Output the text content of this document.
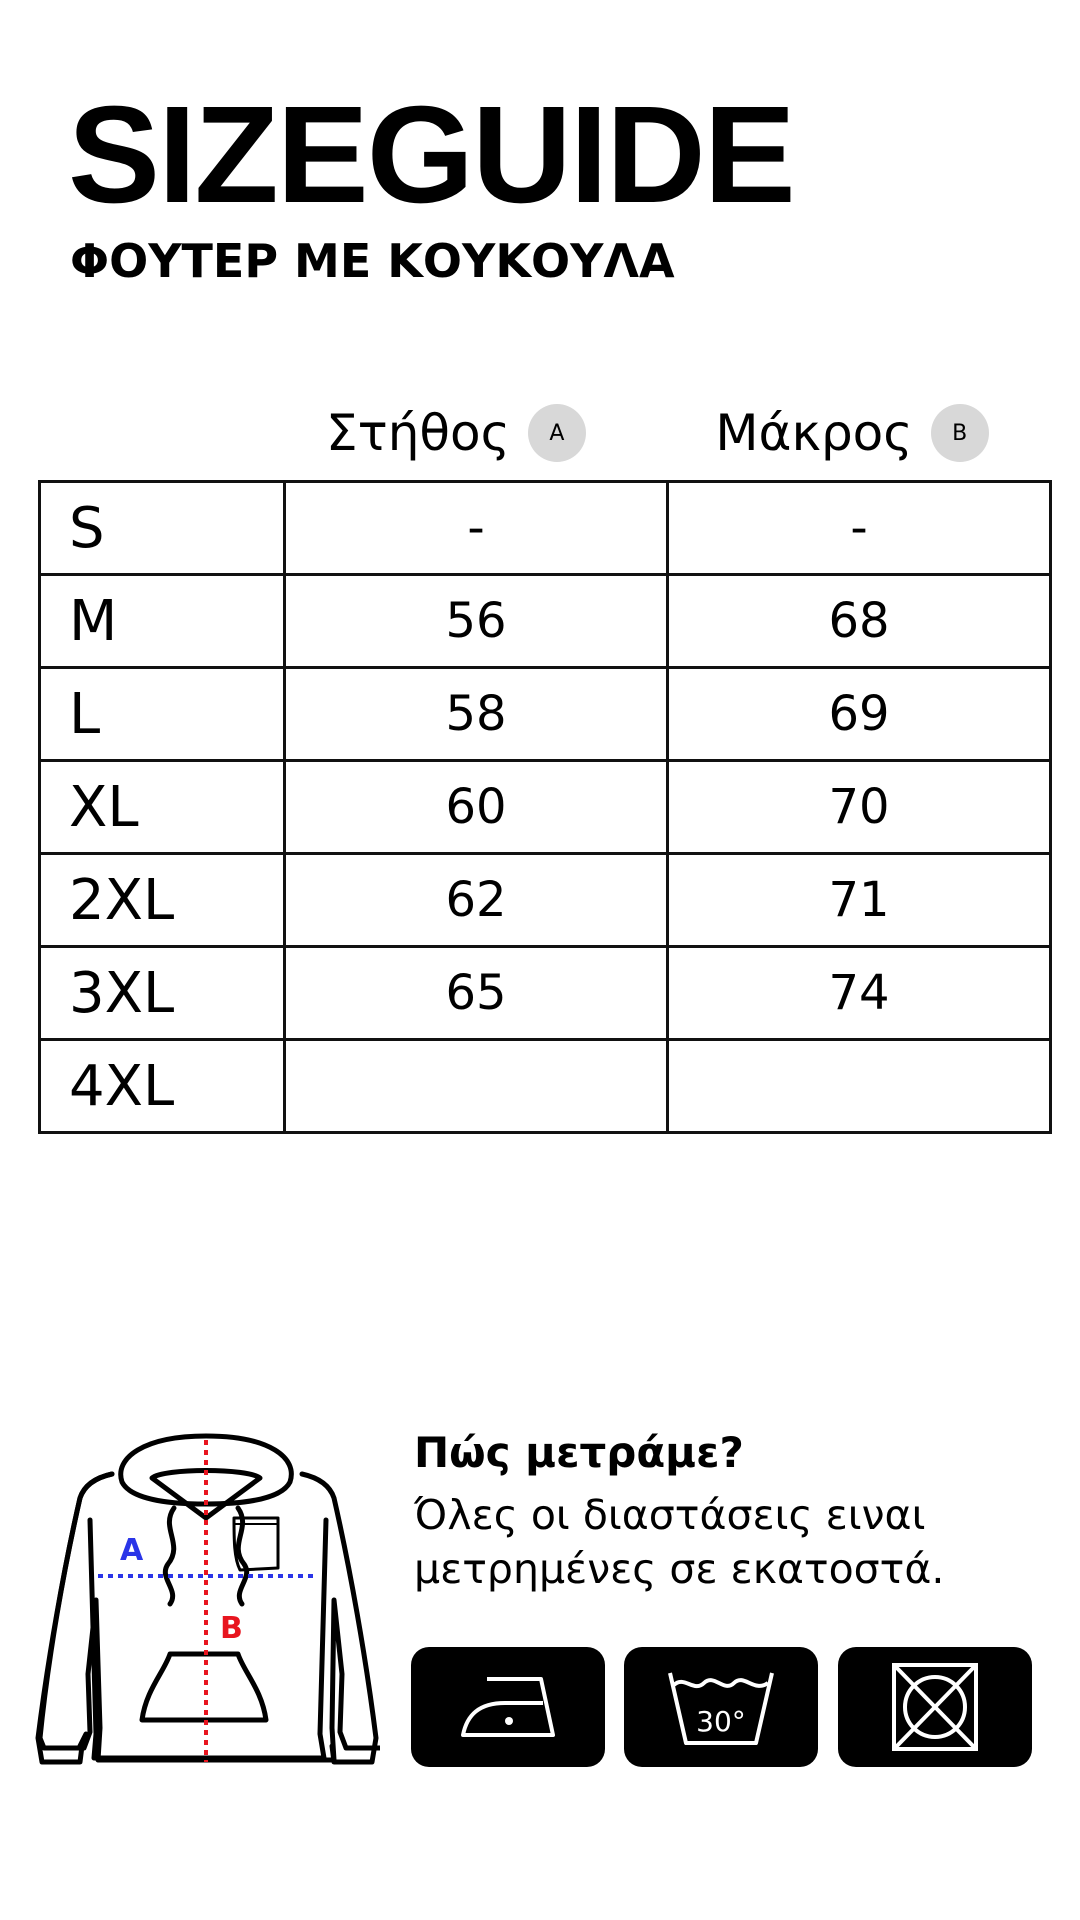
SIZEGUIDE
ΦΟΥΤΕΡ ΜΕ ΚΟΥΚΟΥΛΑ
Στήθος	A	Μάκρος	B
S	-	-
M	56	68
L	58	69
XL	60	70
2XL	62	71
3XL	65	74
4XL		
A
B
Πώς μετράμε?

Όλες οι διαστάσεις ειναι
μετρημένες σε εκατοστά.

30°
